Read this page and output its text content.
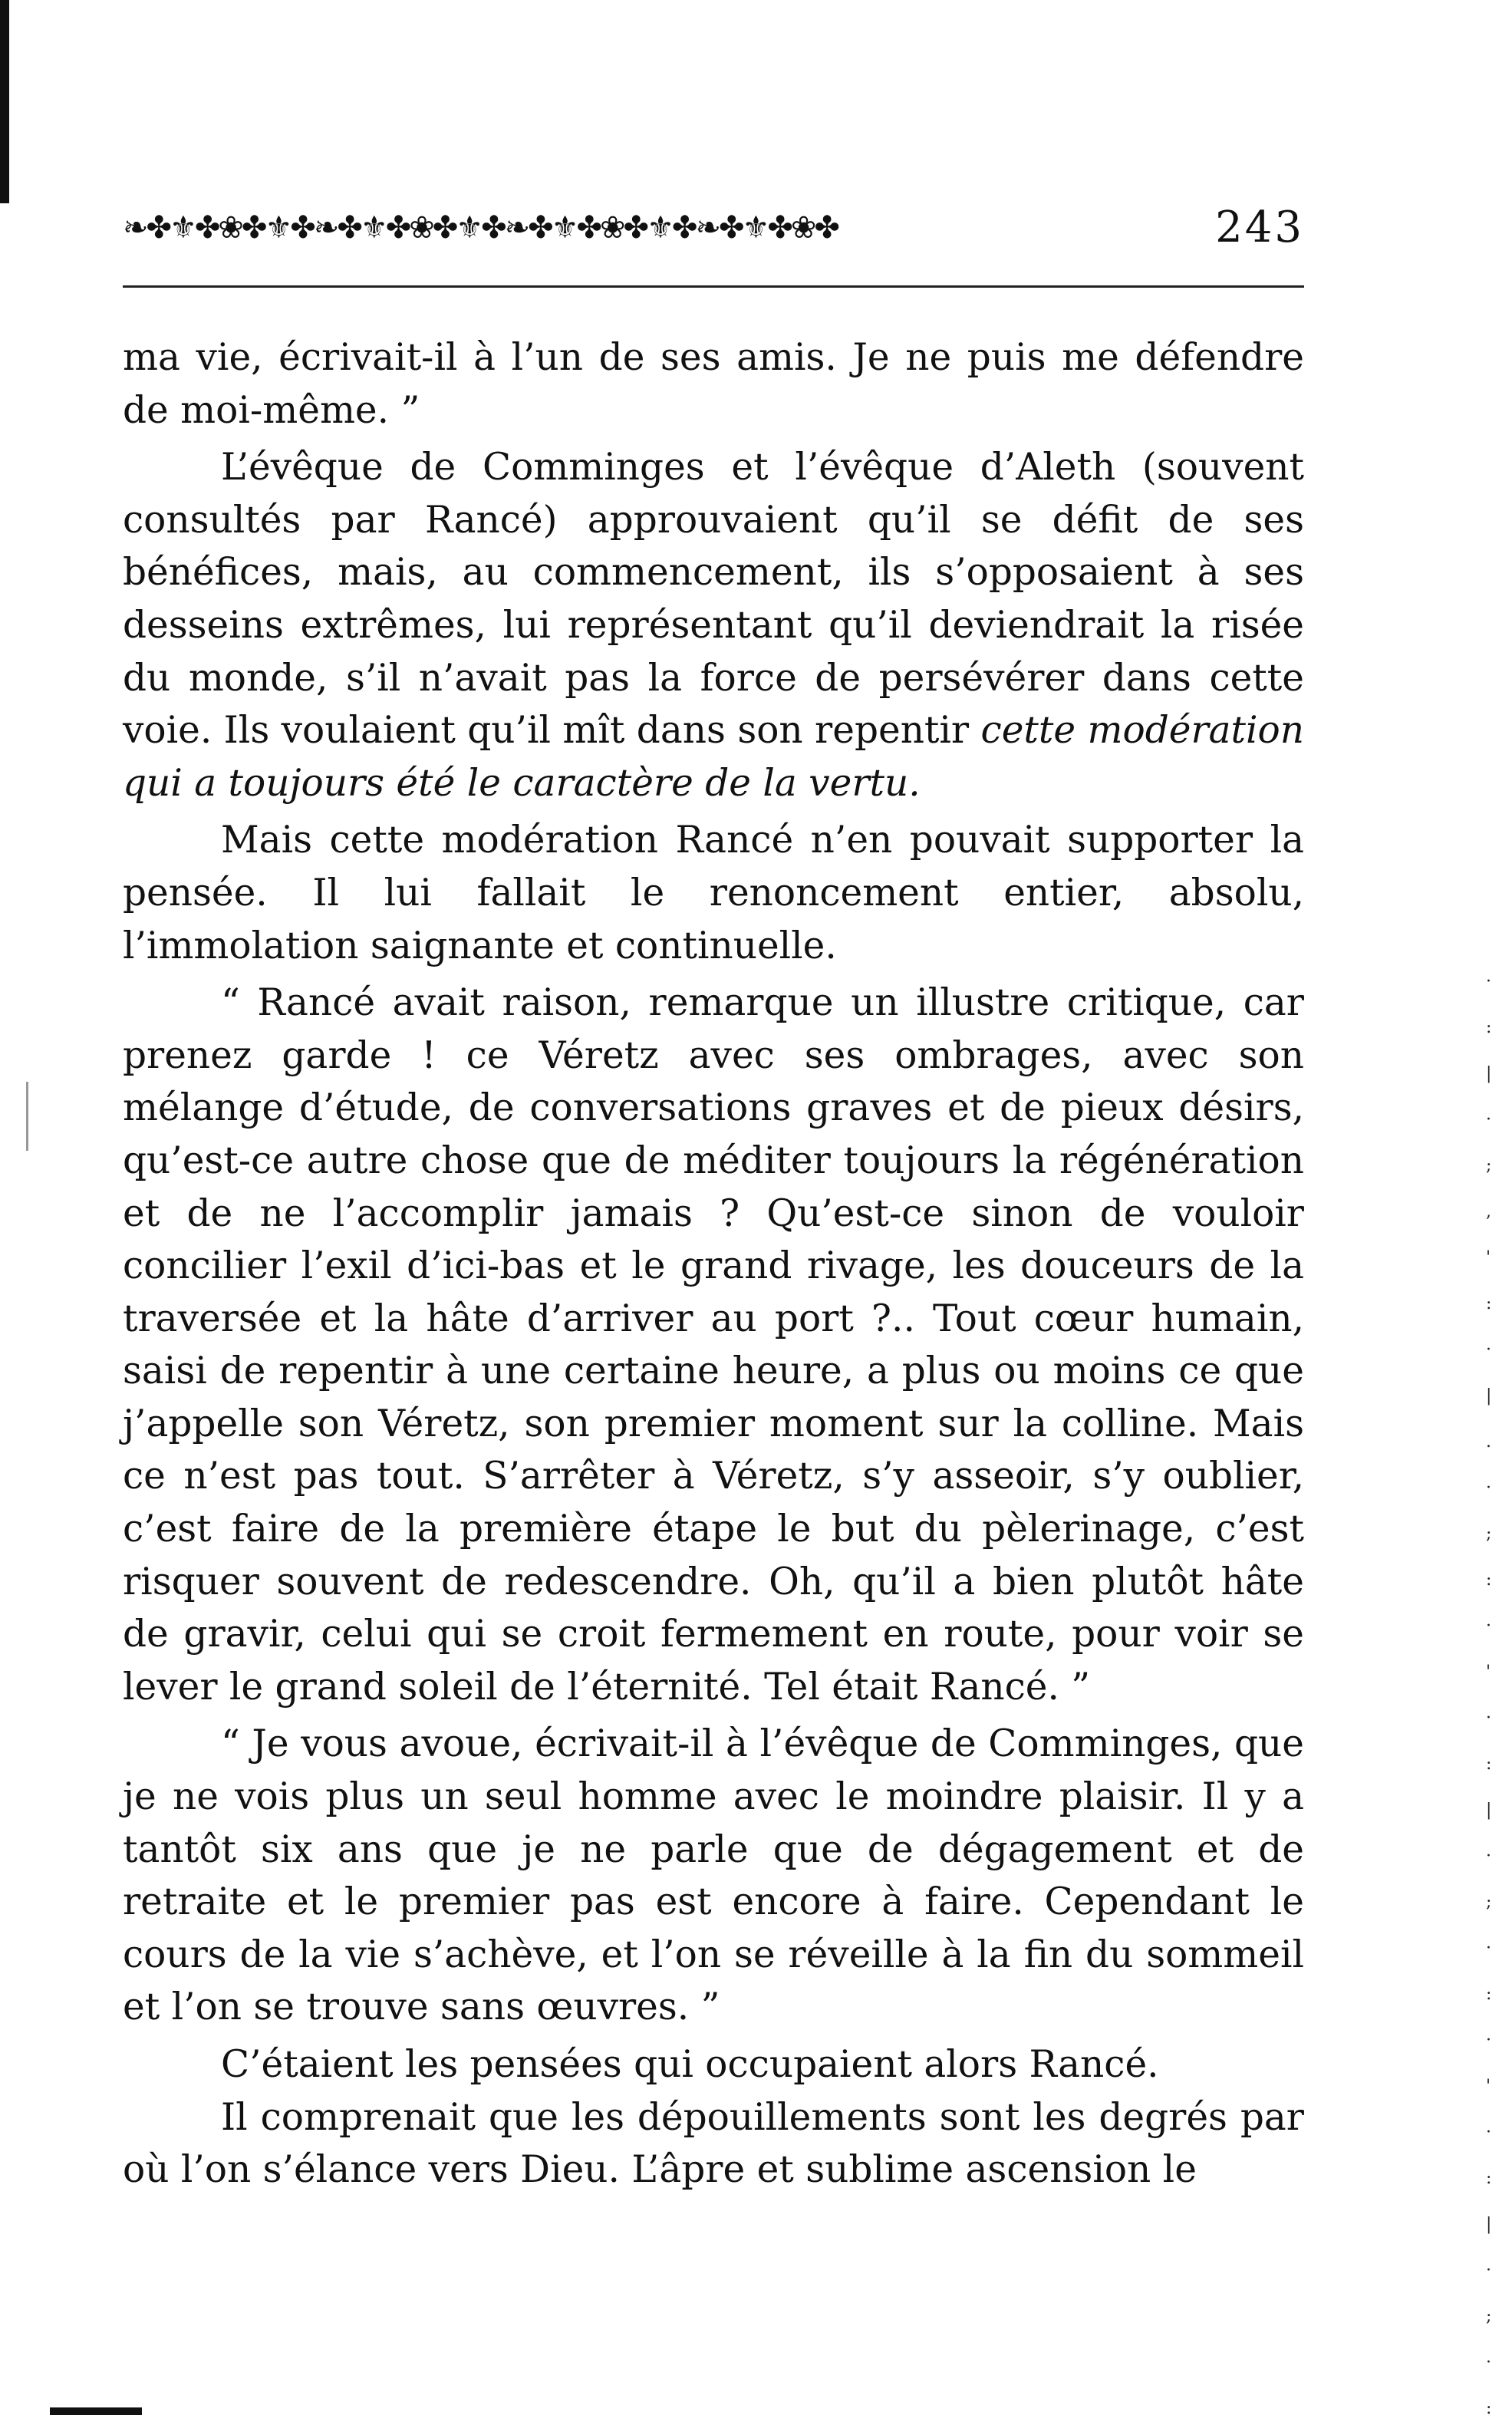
·
:
|
·
;
,
'
:
·
|
.
·
;
:
·
'
·
:
|
·
;
·
:
·
'
·
:
|
·
;
·
:
❧✤⚜✤❀✤⚜✤❧✤⚜✤❀✤⚜✤❧✤⚜✤❀✤⚜✤❧✤⚜✤❀✤	243

ma vie, écrivait-il à l’un de ses amis. Je ne puis me défendre de moi-même. ”

L’évêque de Comminges et l’évêque d’Aleth (souvent consultés par Rancé) approuvaient qu’il se défit de ses bénéfices, mais, au commencement, ils s’opposaient à ses desseins extrêmes, lui représentant qu’il deviendrait la risée du monde, s’il n’avait pas la force de persévérer dans cette voie. Ils voulaient qu’il mît dans son repentir cette modération qui a toujours été le caractère de la vertu.

Mais cette modération Rancé n’en pouvait supporter la pensée. Il lui fallait le renoncement entier, absolu, l’immolation saignante et continuelle.

“ Rancé avait raison, remarque un illustre critique, car prenez garde ! ce Véretz avec ses ombrages, avec son mélange d’étude, de conversations graves et de pieux désirs, qu’est-ce autre chose que de méditer toujours la régénération et de ne l’accomplir jamais ? Qu’est-ce sinon de vouloir concilier l’exil d’ici-bas et le grand rivage, les douceurs de la traversée et la hâte d’arriver au port ?.. Tout cœur humain, saisi de repentir à une certaine heure, a plus ou moins ce que j’appelle son Véretz, son premier moment sur la colline. Mais ce n’est pas tout. S’arrêter à Véretz, s’y asseoir, s’y oublier, c’est faire de la première étape le but du pèlerinage, c’est risquer souvent de redescendre. Oh, qu’il a bien plutôt hâte de gravir, celui qui se croit fermement en route, pour voir se lever le grand soleil de l’éternité. Tel était Rancé. ”

“ Je vous avoue, écrivait-il à l’évêque de Comminges, que je ne vois plus un seul homme avec le moindre plaisir. Il y a tantôt six ans que je ne parle que de dégagement et de retraite et le premier pas est encore à faire. Cependant le cours de la vie s’achève, et l’on se réveille à la fin du sommeil et l’on se trouve sans œuvres. ”

C’étaient les pensées qui occupaient alors Rancé.

Il comprenait que les dépouillements sont les degrés par où l’on s’élance vers Dieu. L’âpre et sublime ascension le
